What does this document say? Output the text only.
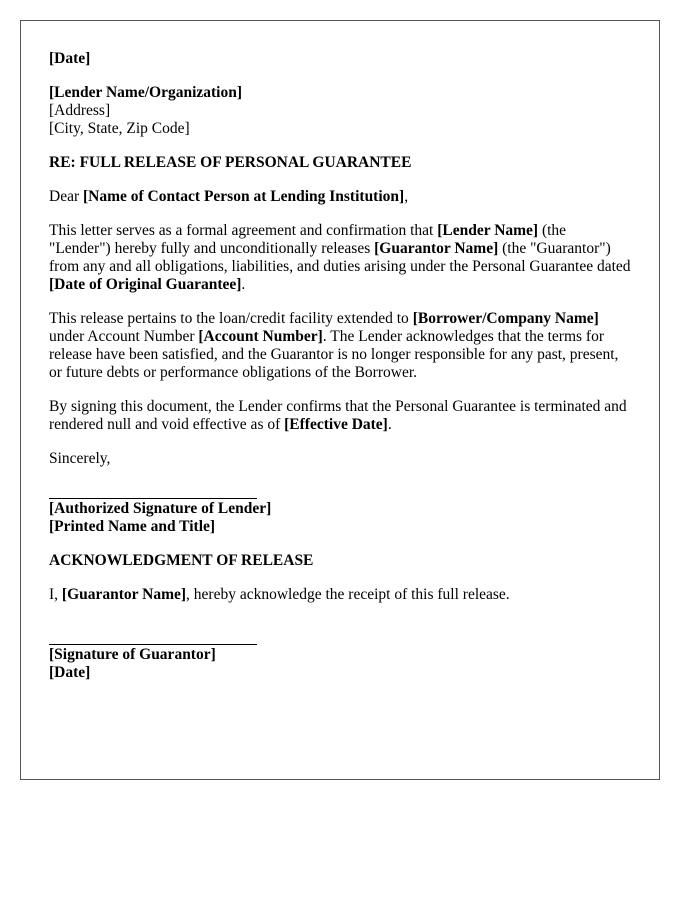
[Date]
[Lender Name/Organization]
[Address]
[City, State, Zip Code]
RE: FULL RELEASE OF PERSONAL GUARANTEE
Dear [Name of Contact Person at Lending Institution],
This letter serves as a formal agreement and confirmation that [Lender Name] (the "Lender") hereby fully and unconditionally releases [Guarantor Name] (the "Guarantor") from any and all obligations, liabilities, and duties arising under the Personal Guarantee dated [Date of Original Guarantee].
This release pertains to the loan/credit facility extended to [Borrower/Company Name] under Account Number [Account Number]. The Lender acknowledges that the terms for release have been satisfied, and the Guarantor is no longer responsible for any past, present, or future debts or performance obligations of the Borrower.
By signing this document, the Lender confirms that the Personal Guarantee is terminated and rendered null and void effective as of [Effective Date].
Sincerely,
[Authorized Signature of Lender]
[Printed Name and Title]
ACKNOWLEDGMENT OF RELEASE
I, [Guarantor Name], hereby acknowledge the receipt of this full release.
[Signature of Guarantor]
[Date]
